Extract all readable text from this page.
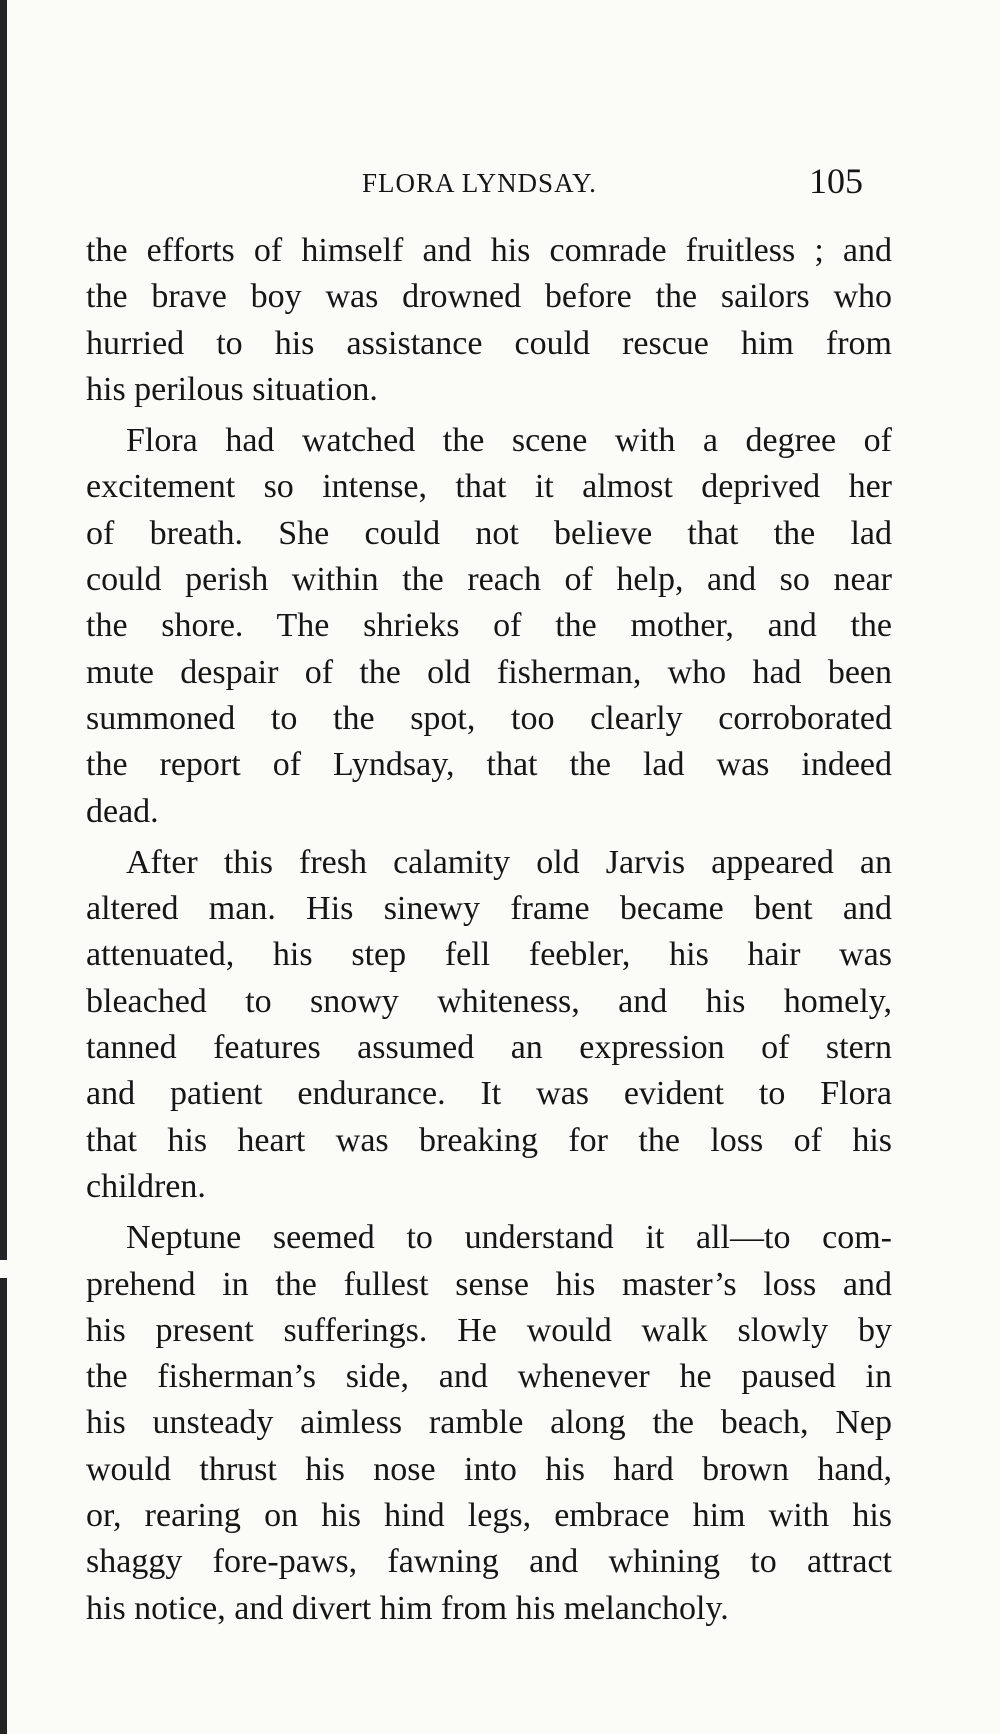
FLORA LYNDSAY.	105
the efforts of himself and his comrade fruitless ; and
the brave boy was drowned before the sailors who
hurried to his assistance could rescue him from
his perilous situation.
Flora had watched the scene with a degree of
excitement so intense, that it almost deprived her
of breath. She could not believe that the lad
could perish within the reach of help, and so near
the shore. The shrieks of the mother, and the
mute despair of the old fisherman, who had been
summoned to the spot, too clearly corroborated
the report of Lyndsay, that the lad was indeed
dead.
After this fresh calamity old Jarvis appeared an
altered man. His sinewy frame became bent and
attenuated, his step fell feebler, his hair was
bleached to snowy whiteness, and his homely,
tanned features assumed an expression of stern
and patient endurance. It was evident to Flora
that his heart was breaking for the loss of his
children.
Neptune seemed to understand it all—to com-
prehend in the fullest sense his master’s loss and
his present sufferings. He would walk slowly by
the fisherman’s side, and whenever he paused in
his unsteady aimless ramble along the beach, Nep
would thrust his nose into his hard brown hand,
or, rearing on his hind legs, embrace him with his
shaggy fore-paws, fawning and whining to attract
his notice, and divert him from his melancholy.
